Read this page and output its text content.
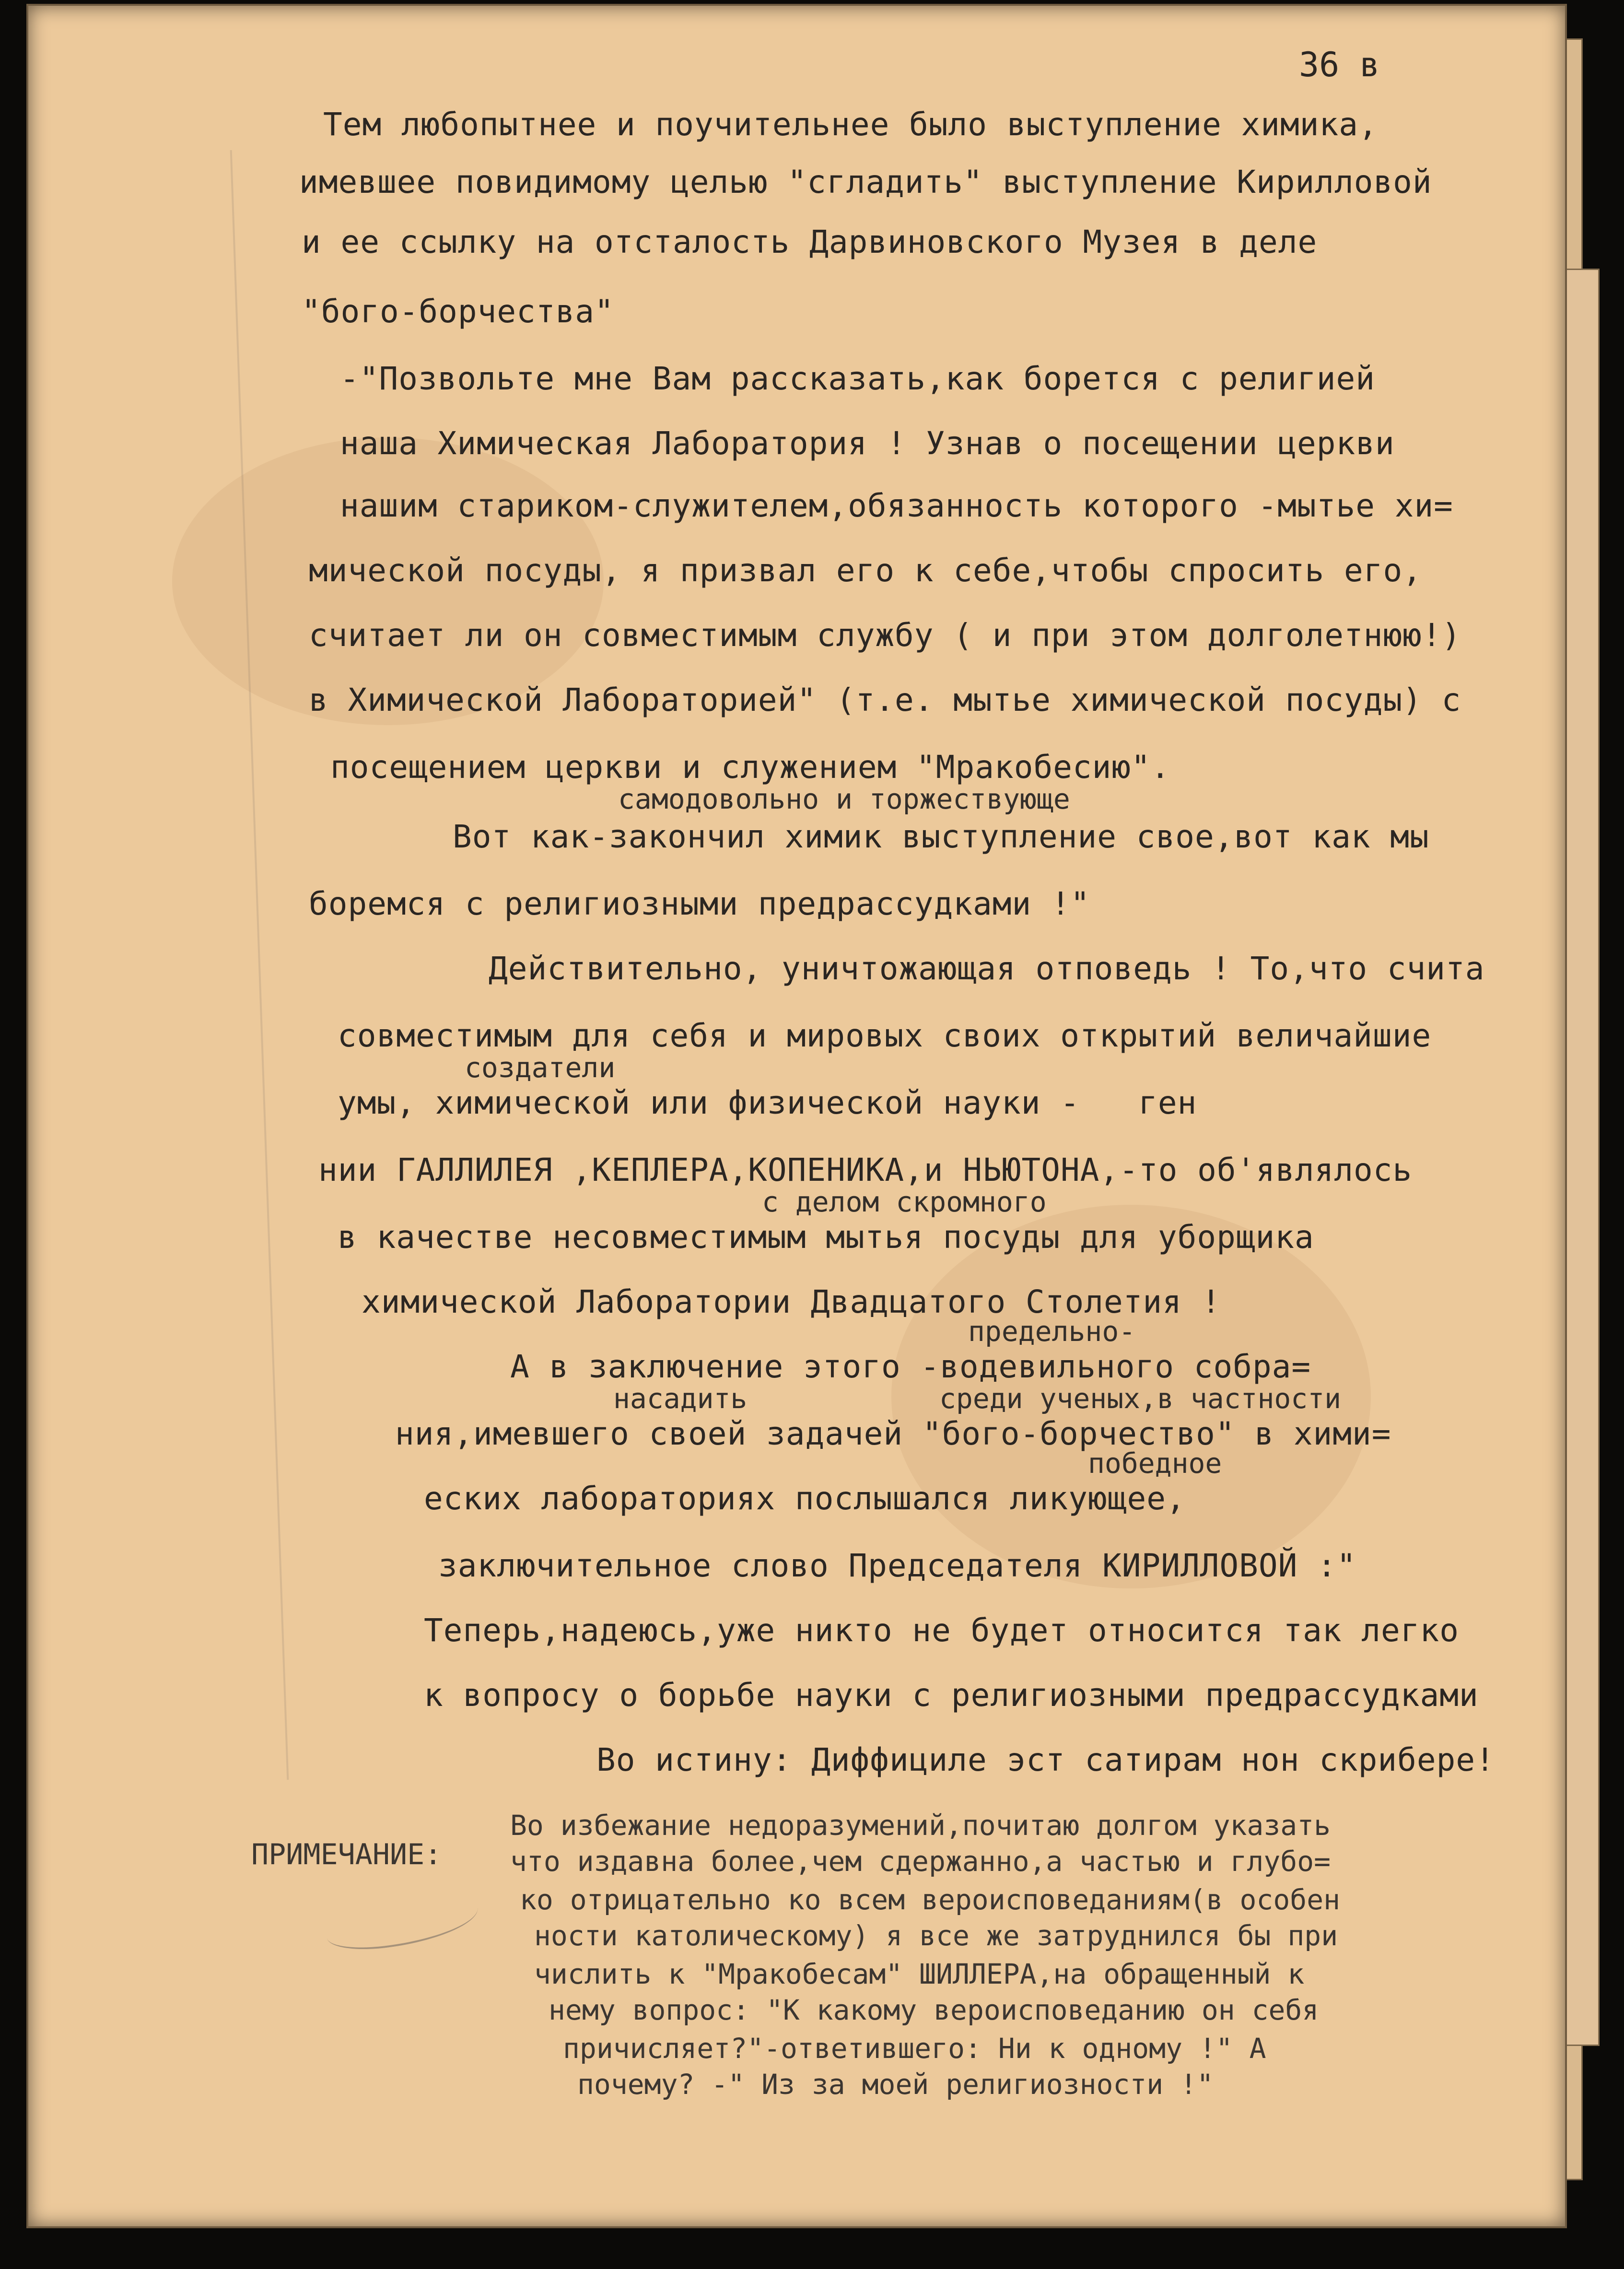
36 в
Тем любопытнее и поучительнее было выступление химика,
имевшее повидимому целью "сгладить" выступление Кирилловой
и ее ссылку на отсталость Дарвиновского Музея в деле
"бого-борчества"
-"Позвольте мне Вам рассказать,как борется с религией
наша Химическая Лаборатория ! Узнав о посещении церкви
нашим стариком-служителем,обязанность которого -мытье хи=
мической посуды, я призвал его к себе,чтобы спросить его,
считает ли он совместимым службу ( и при этом долголетнюю!)
в Химической Лабораторией" (т.е. мытье химической посуды) с
посещением церкви и служением "Мракобесию".
самодовольно и торжествующе
Вот как-закончил химик выступление свое,вот как мы
боремся с религиозными предрассудками !"
Действительно, уничтожающая отповедь ! То,что счита
совместимым для себя и мировых своих открытий величайшие
создатели
умы, химической или физической науки -   ген
нии ГАЛЛИЛЕЯ ,КЕПЛЕРА,КОПЕНИКА,и НЬЮТОНА,-то об'являлось
с делом скромного
в качестве несовместимым мытья посуды для уборщика
химической Лаборатории Двадцатого Столетия !
предельно-
А в заключение этого -водевильного собра=
насадить	среди ученых,в частности
ния,имевшего своей задачей "бого-борчество" в хими=
победное
еских лабораториях послышался ликующее,
заключительное слово Председателя КИРИЛЛОВОЙ :"
Теперь,надеюсь,уже никто не будет относится так легко
к вопросу о борьбе науки с религиозными предрассудками
Во истину: Диффициле эст сатирам нон скрибере!
ПРИМЕЧАНИЕ:
Во избежание недоразумений,почитаю долгом указать
что издавна более,чем сдержанно,а частью и глубо=
ко отрицательно ко всем вероисповеданиям(в особен
ности католическому) я все же затруднился бы при
числить к "Мракобесам" ШИЛЛЕРА,на обращенный к
нему вопрос: "К какому вероисповеданию он себя
причисляет?"-ответившего: Ни к одному !" А
почему? -" Из за моей религиозности !"
